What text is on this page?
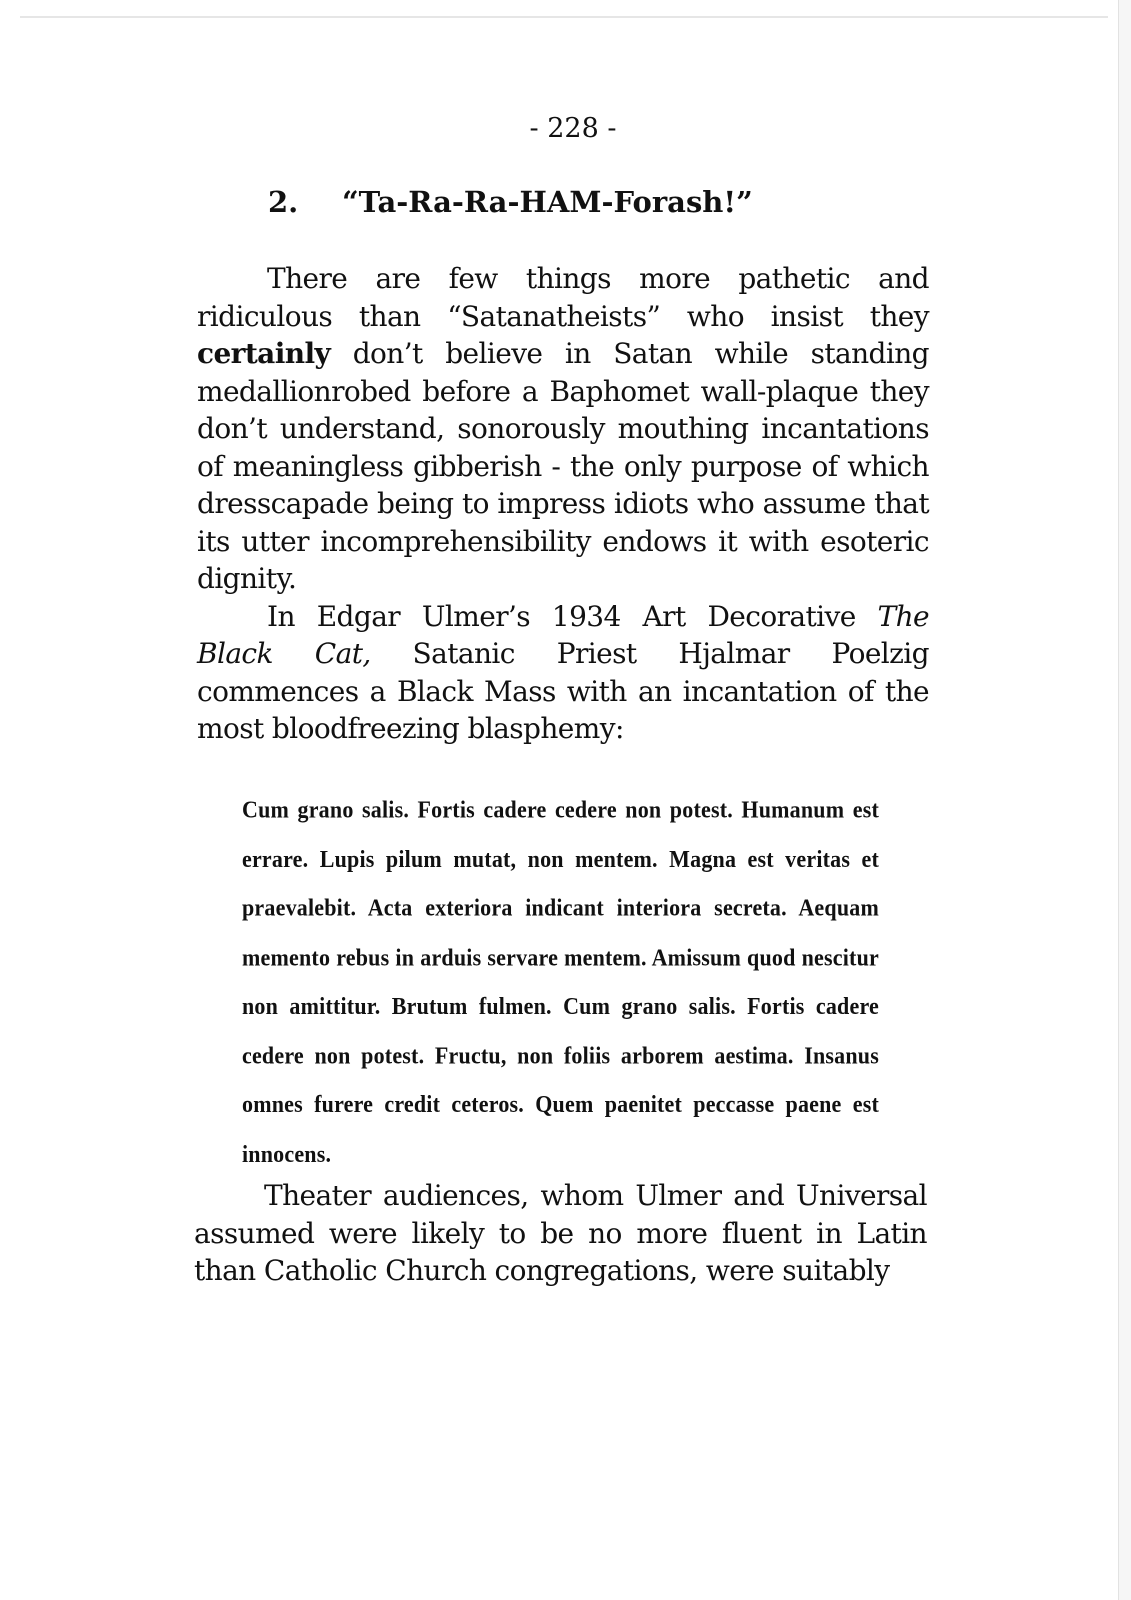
- 228 -
2. “Ta-Ra-Ra-HAM-Forash!”

There are few things more pathetic and ridiculous than “Satanatheists” who insist they certainly don’t believe in Satan while standing medallionrobed before a Baphomet wall-plaque they don’t understand, sonorously mouthing incantations of meaningless gibberish - the only purpose of which dresscapade being to impress idiots who assume that its utter incomprehensibility endows it with esoteric dignity.

In Edgar Ulmer’s 1934 Art Decorative The Black Cat, Satanic Priest Hjalmar Poelzig commences a Black Mass with an incantation of the most bloodfreezing blasphemy:

Cum grano salis. Fortis cadere cedere non potest. Humanum est errare. Lupis pilum mutat, non mentem. Magna est veritas et praevalebit. Acta exteriora indicant interiora secreta. Aequam memento rebus in arduis servare mentem. Amissum quod nescitur non amittitur. Brutum fulmen. Cum grano salis. Fortis cadere cedere non potest. Fructu, non foliis arborem aestima. Insanus omnes furere credit ceteros. Quem paenitet peccasse paene est innocens.

Theater audiences, whom Ulmer and Universal assumed were likely to be no more fluent in Latin than Catholic Church congregations, were suitably
